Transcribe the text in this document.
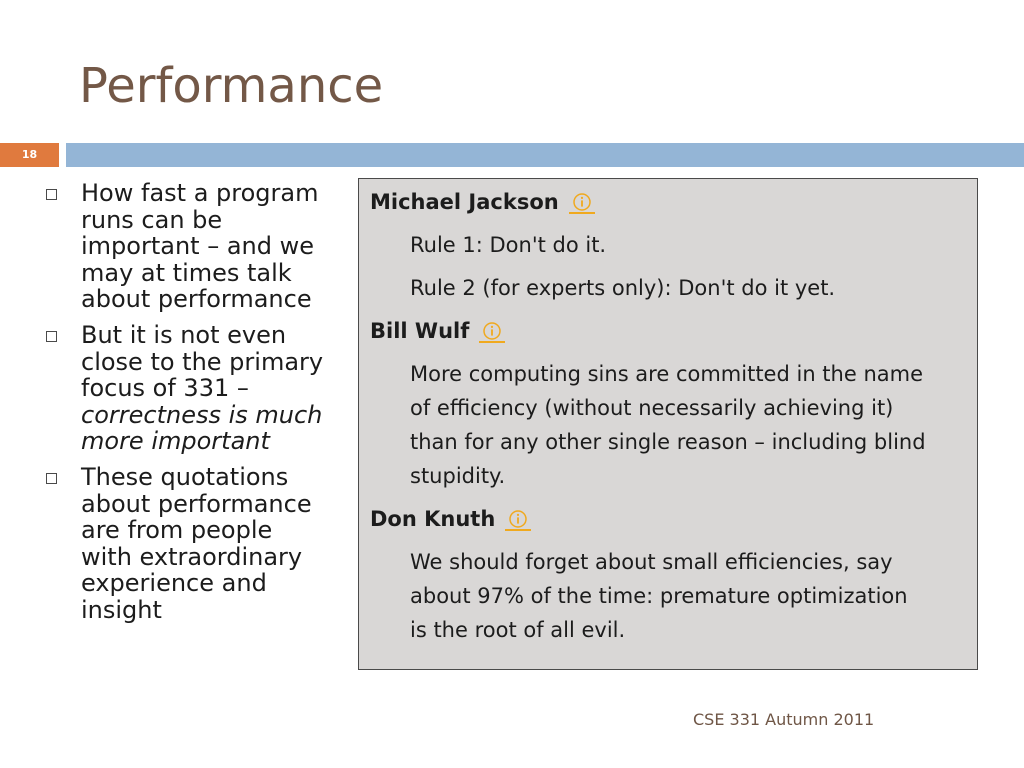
Performance
18
How fast a program
runs can be
important – and we
may at times talk
about performance
But it is not even
close to the primary
focus of 331 –
correctness is much
more important
These quotations
about performance
are from people
with extraordinary
experience and
insight
Michael Jackson
Rule 1: Don't do it.
Rule 2 (for experts only): Don't do it yet.
Bill Wulf
More computing sins are committed in the name
of efficiency (without necessarily achieving it)
than for any other single reason – including blind
stupidity.
Don Knuth
We should forget about small efficiencies, say
about 97% of the time: premature optimization
is the root of all evil.
CSE 331 Autumn 2011
